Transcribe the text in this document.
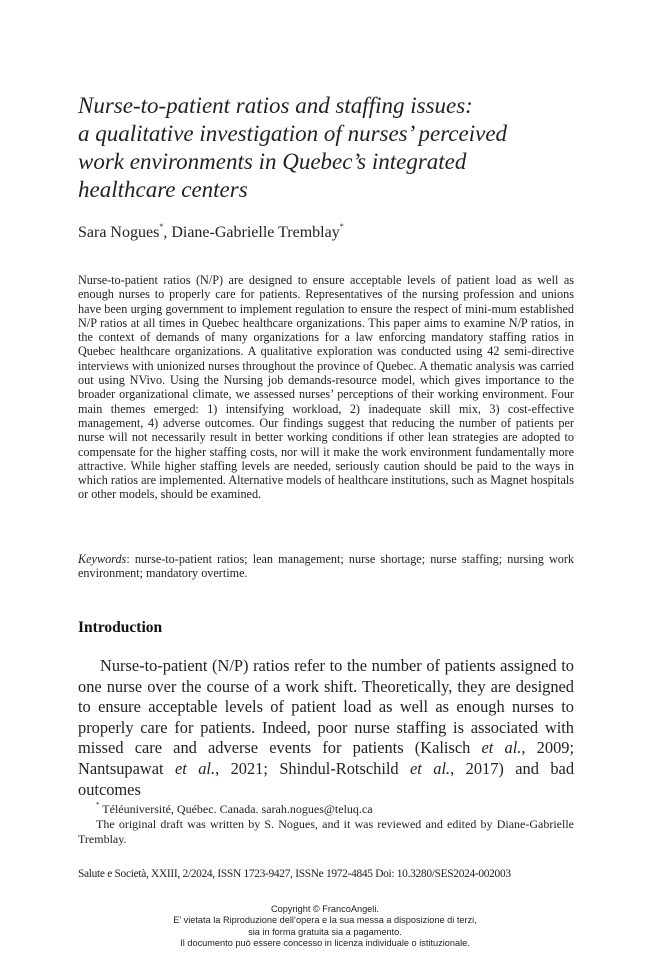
Nurse-to-patient ratios and staffing issues:
a qualitative investigation of nurses’ perceived
work environments in Quebec’s integrated
healthcare centers
Sara Nogues*, Diane-Gabrielle Tremblay*
Nurse-to-patient ratios (N/P) are designed to ensure acceptable levels of patient load as well as enough nurses to properly care for patients. Representatives of the nursing profession and unions have been urging government to implement regulation to ensure the respect of mini-mum established N/P ratios at all times in Quebec healthcare organizations. This paper aims to examine N/P ratios, in the context of demands of many organizations for a law enforcing mandatory staffing ratios in Quebec healthcare organizations. A qualitative exploration was conducted using 42 semi-directive interviews with unionized nurses throughout the province of Quebec. A thematic analysis was carried out using NVivo. Using the Nursing job demands-resource model, which gives importance to the broader organizational climate, we assessed nurses’ perceptions of their working environment. Four main themes emerged: 1) intensifying workload, 2) inadequate skill mix, 3) cost-effective management, 4) adverse outcomes. Our findings suggest that reducing the number of patients per nurse will not necessarily result in better working conditions if other lean strategies are adopted to compensate for the higher staffing costs, nor will it make the work environment fundamentally more attractive. While higher staffing levels are needed, seriously caution should be paid to the ways in which ratios are implemented. Alternative models of healthcare institutions, such as Magnet hospitals or other models, should be examined.
Keywords: nurse-to-patient ratios; lean management; nurse shortage; nurse staffing; nursing work environment; mandatory overtime.
Introduction
Nurse-to-patient (N/P) ratios refer to the number of patients assigned to one nurse over the course of a work shift. Theoretically, they are designed to ensure acceptable levels of patient load as well as enough nurses to properly care for patients. Indeed, poor nurse staffing is associated with missed care and adverse events for patients (Kalisch et al., 2009; Nantsupawat et al., 2021; Shindul-Rotschild et al., 2017) and bad outcomes

* Téléuniversité, Québec. Canada. sarah.nogues@teluq.ca

The original draft was written by S. Nogues, and it was reviewed and edited by Diane-Gabrielle Tremblay.

Salute e Società, XXIII, 2/2024, ISSN 1723-9427, ISSNe 1972-4845 Doi: 10.3280/SES2024-002003
Copyright © FrancoAngeli.
E’ vietata la Riproduzione dell’opera e la sua messa a disposizione di terzi,
sia in forma gratuita sia a pagamento.
Il documento può essere concesso in licenza individuale o istituzionale.
